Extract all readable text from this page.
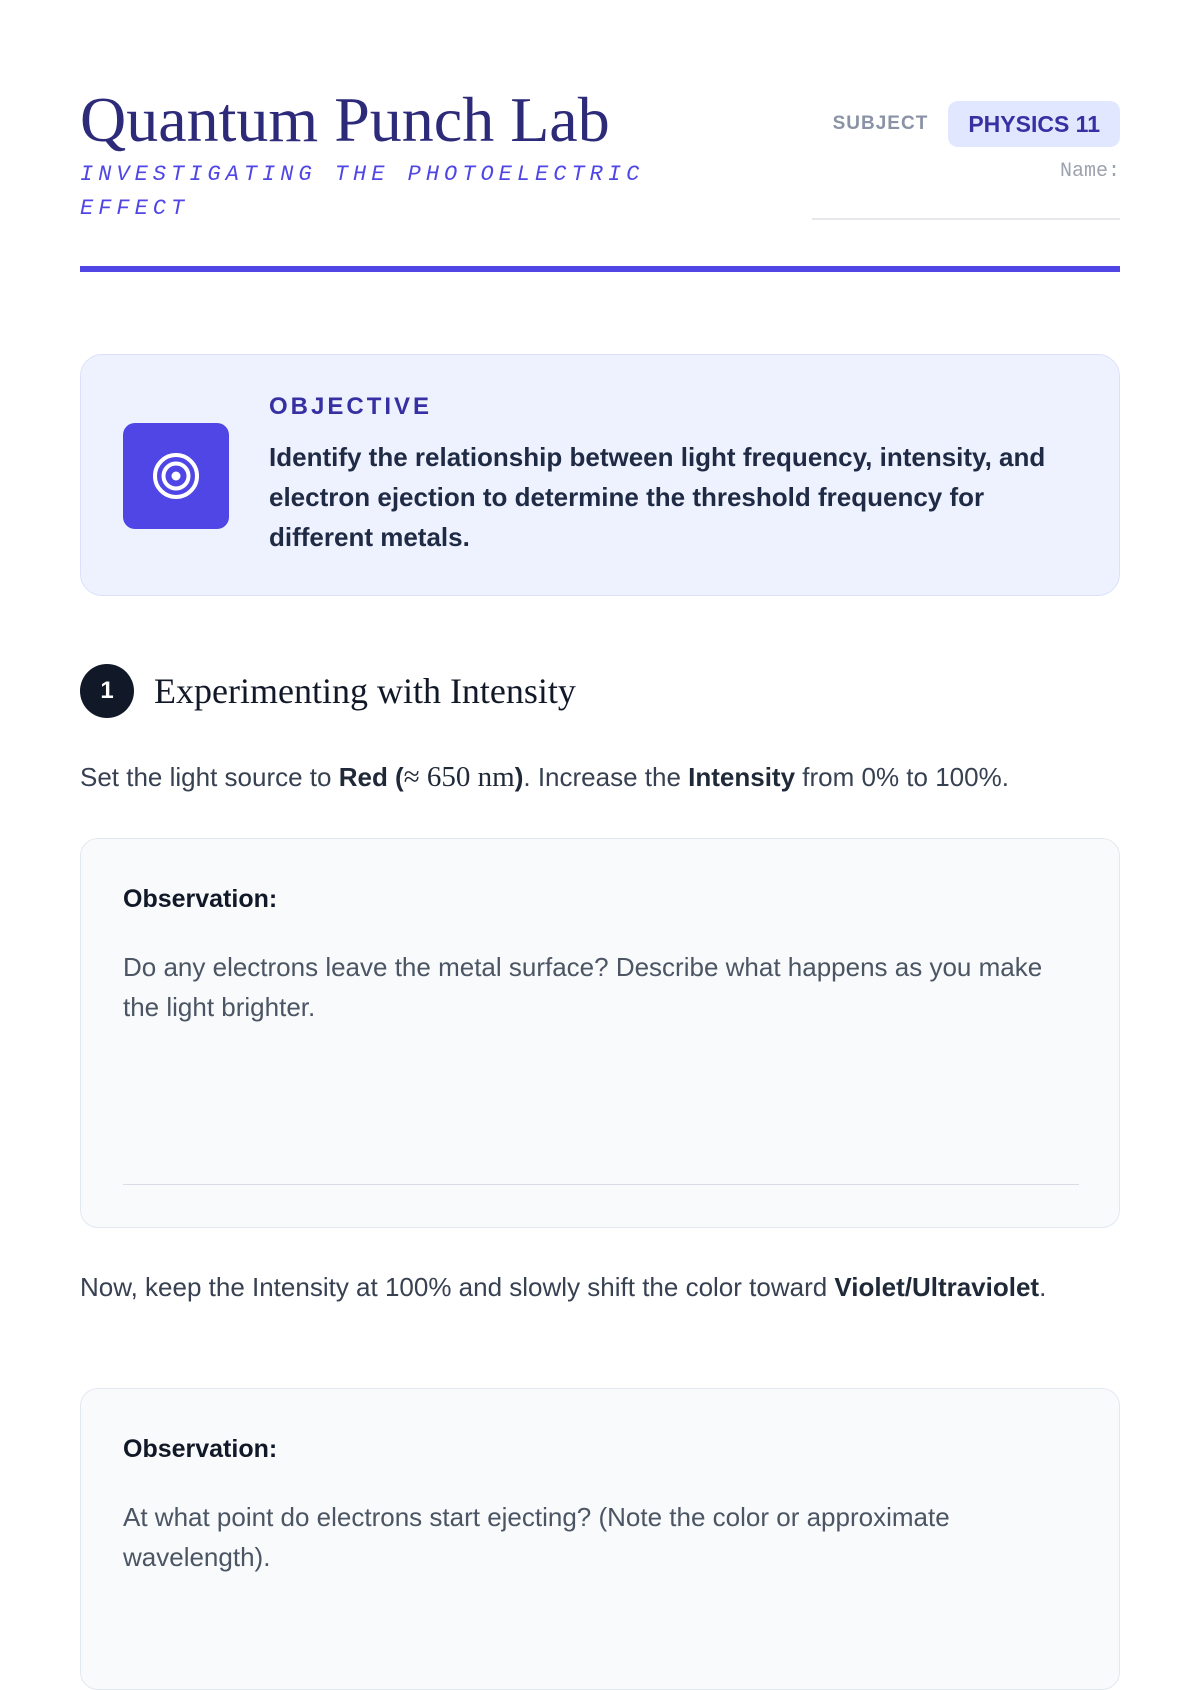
Quantum Punch Lab
INVESTIGATING THE PHOTOELECTRIC EFFECT
SUBJECT	PHYSICS 11
Name:
OBJECTIVE
Identify the relationship between light frequency, intensity, and electron ejection to determine the threshold frequency for different metals.
1	Experimenting with Intensity
Set the light source to Red (≈ 650 nm). Increase the Intensity from 0% to 100%.
Observation:
Do any electrons leave the metal surface? Describe what happens as you make the light brighter.
Now, keep the Intensity at 100% and slowly shift the color toward Violet/Ultraviolet.
Observation:
At what point do electrons start ejecting? (Note the color or approximate wavelength).
